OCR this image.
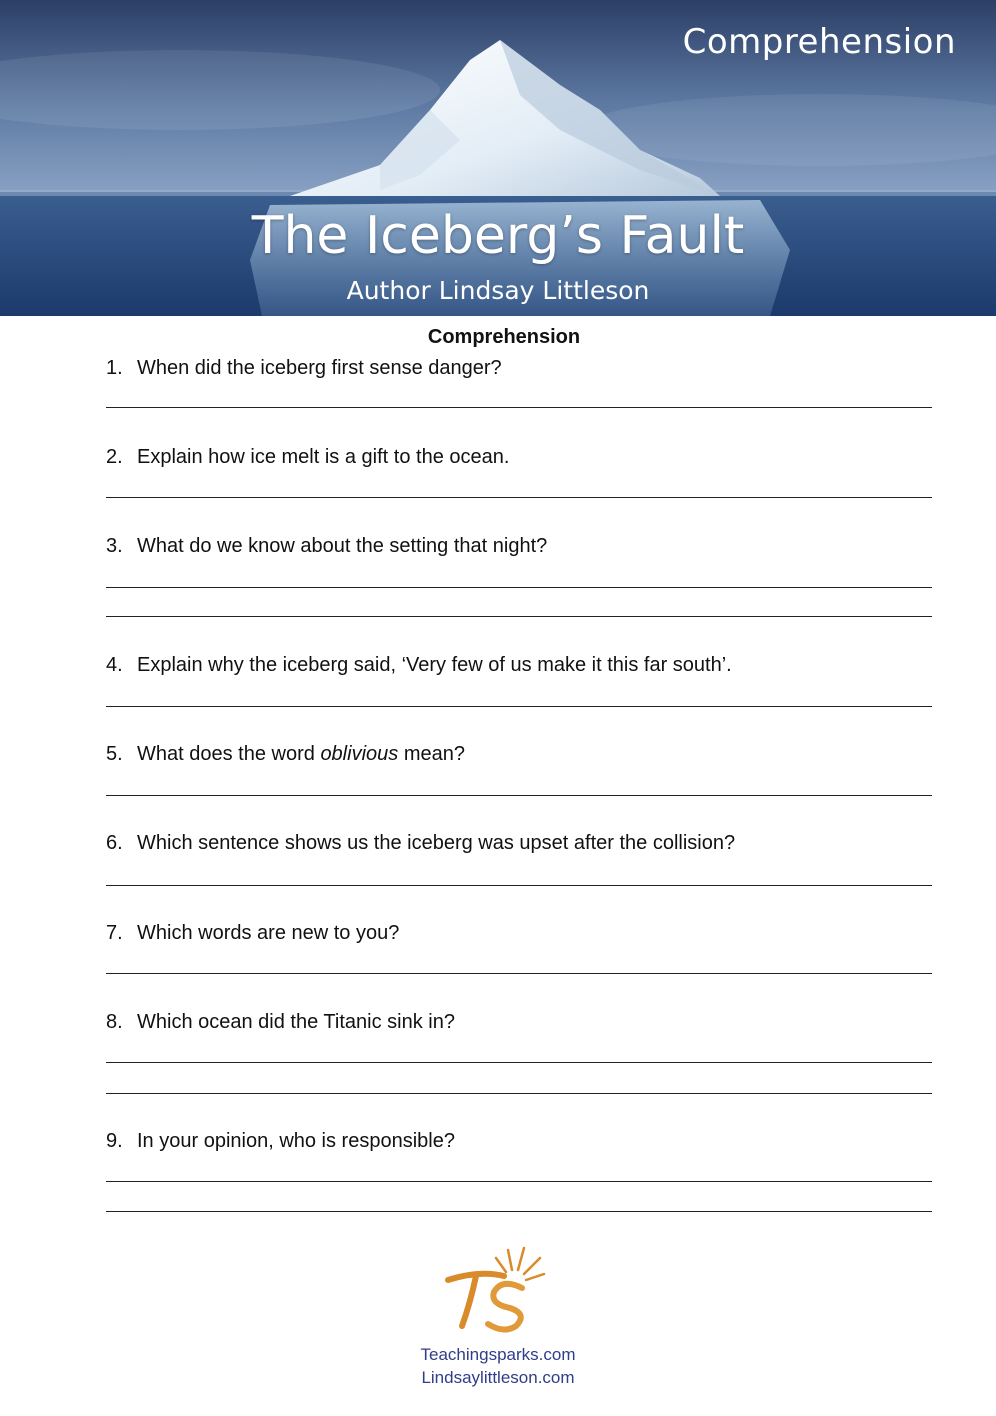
Comprehension
The Iceberg’s Fault
Author Lindsay Littleson
Comprehension
1. When did the iceberg first sense danger?
2. Explain how ice melt is a gift to the ocean.
3. What do we know about the setting that night?
4. Explain why the iceberg said, ‘Very few of us make it this far south’.
5. What does the word oblivious mean?
6. Which sentence shows us the iceberg was upset after the collision?
7. Which words are new to you?
8. Which ocean did the Titanic sink in?
9. In your opinion, who is responsible?
Teachingsparks.com
Lindsaylittleson.com
